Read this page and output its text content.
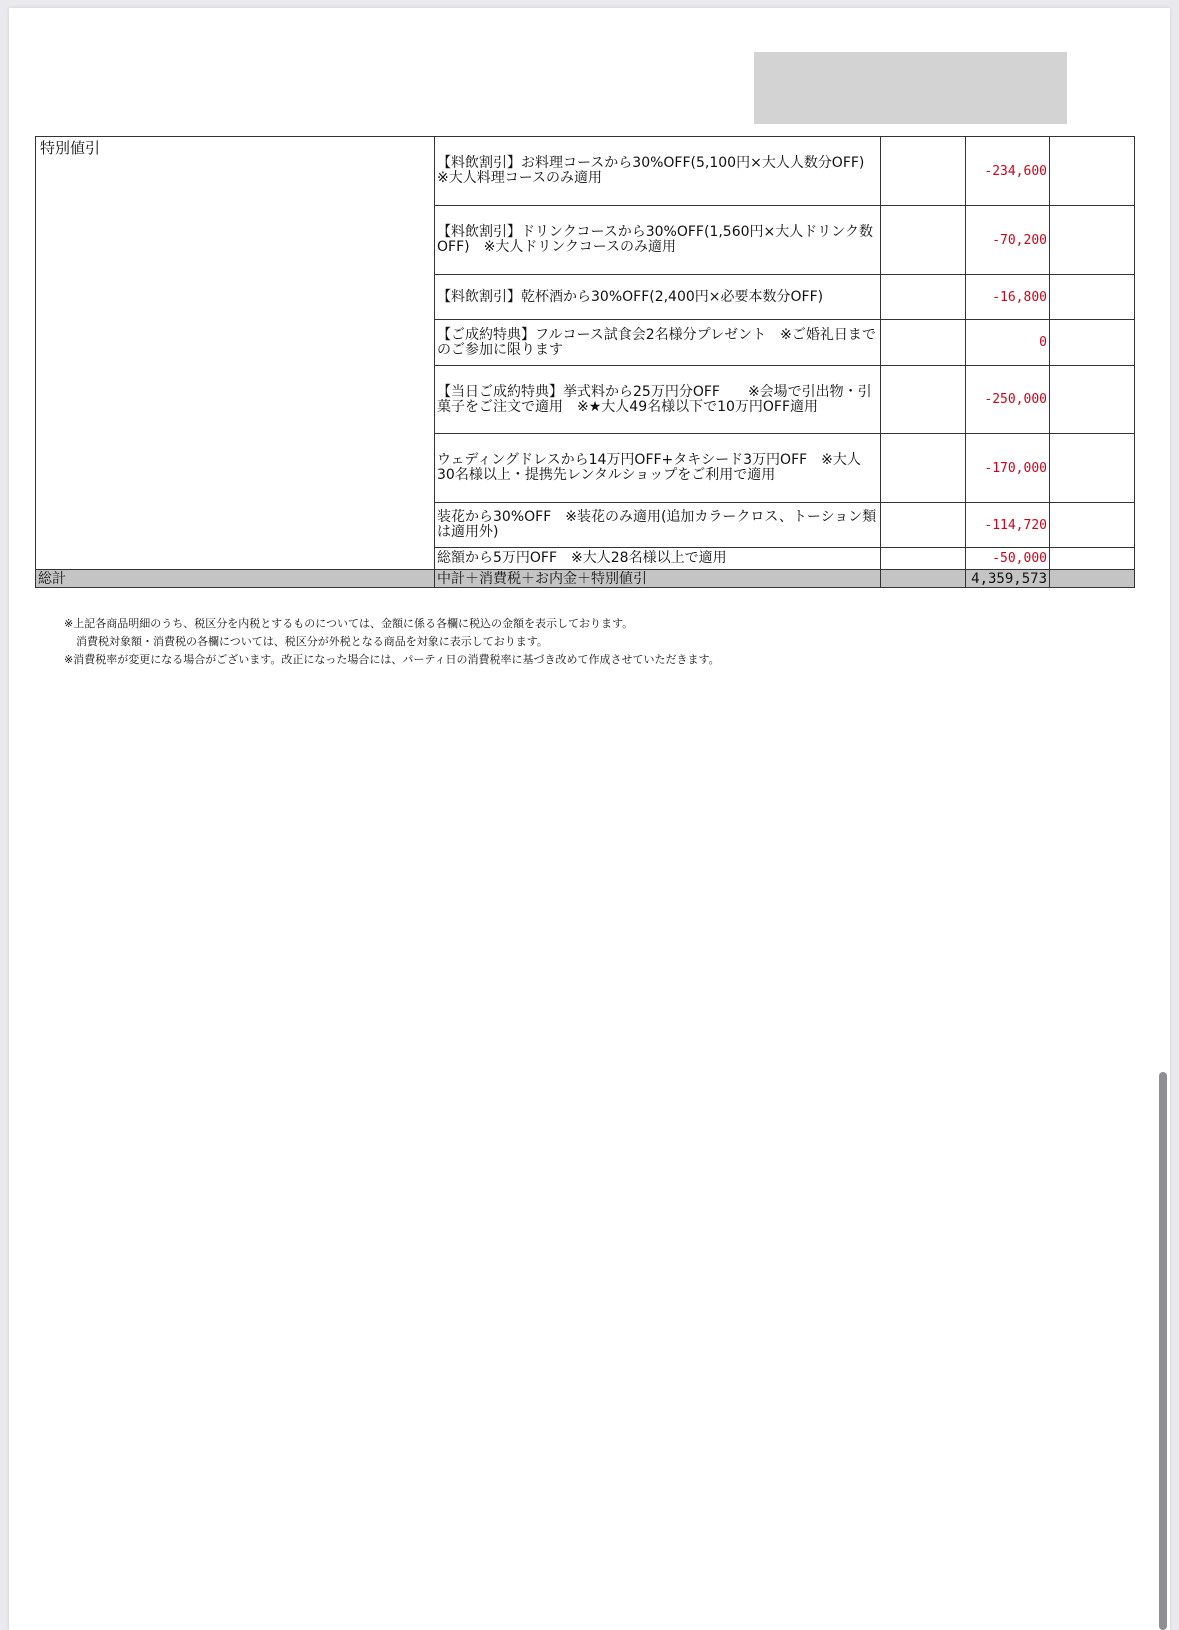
特別値引	【料飲割引】お料理コースから30%OFF(5,100円×大人人数分OFF)　※大人料理コースのみ適用		-234,600	
	【料飲割引】ドリンクコースから30%OFF(1,560円×大人ドリンク数OFF)　※大人ドリンクコースのみ適用		-70,200	
	【料飲割引】乾杯酒から30%OFF(2,400円×必要本数分OFF)		-16,800	
	【ご成約特典】フルコース試食会2名様分プレゼント　※ご婚礼日までのご参加に限ります		0	
	【当日ご成約特典】挙式料から25万円分OFF　　※会場で引出物・引菓子をご注文で適用　※★大人49名様以下で10万円OFF適用		-250,000	
	ウェディングドレスから14万円OFF+タキシード3万円OFF　※大人30名様以上・提携先レンタルショップをご利用で適用		-170,000	
	装花から30%OFF　※装花のみ適用(追加カラークロス、トーション類は適用外)		-114,720	
	総額から5万円OFF　※大人28名様以上で適用		-50,000	
総計	中計＋消費税＋お内金＋特別値引		4,359,573	
※上記各商品明細のうち、税区分を内税とするものについては、金額に係る各欄に税込の金額を表示しております。
消費税対象額・消費税の各欄については、税区分が外税となる商品を対象に表示しております。
※消費税率が変更になる場合がございます。改正になった場合には、パーティ日の消費税率に基づき改めて作成させていただきます。
